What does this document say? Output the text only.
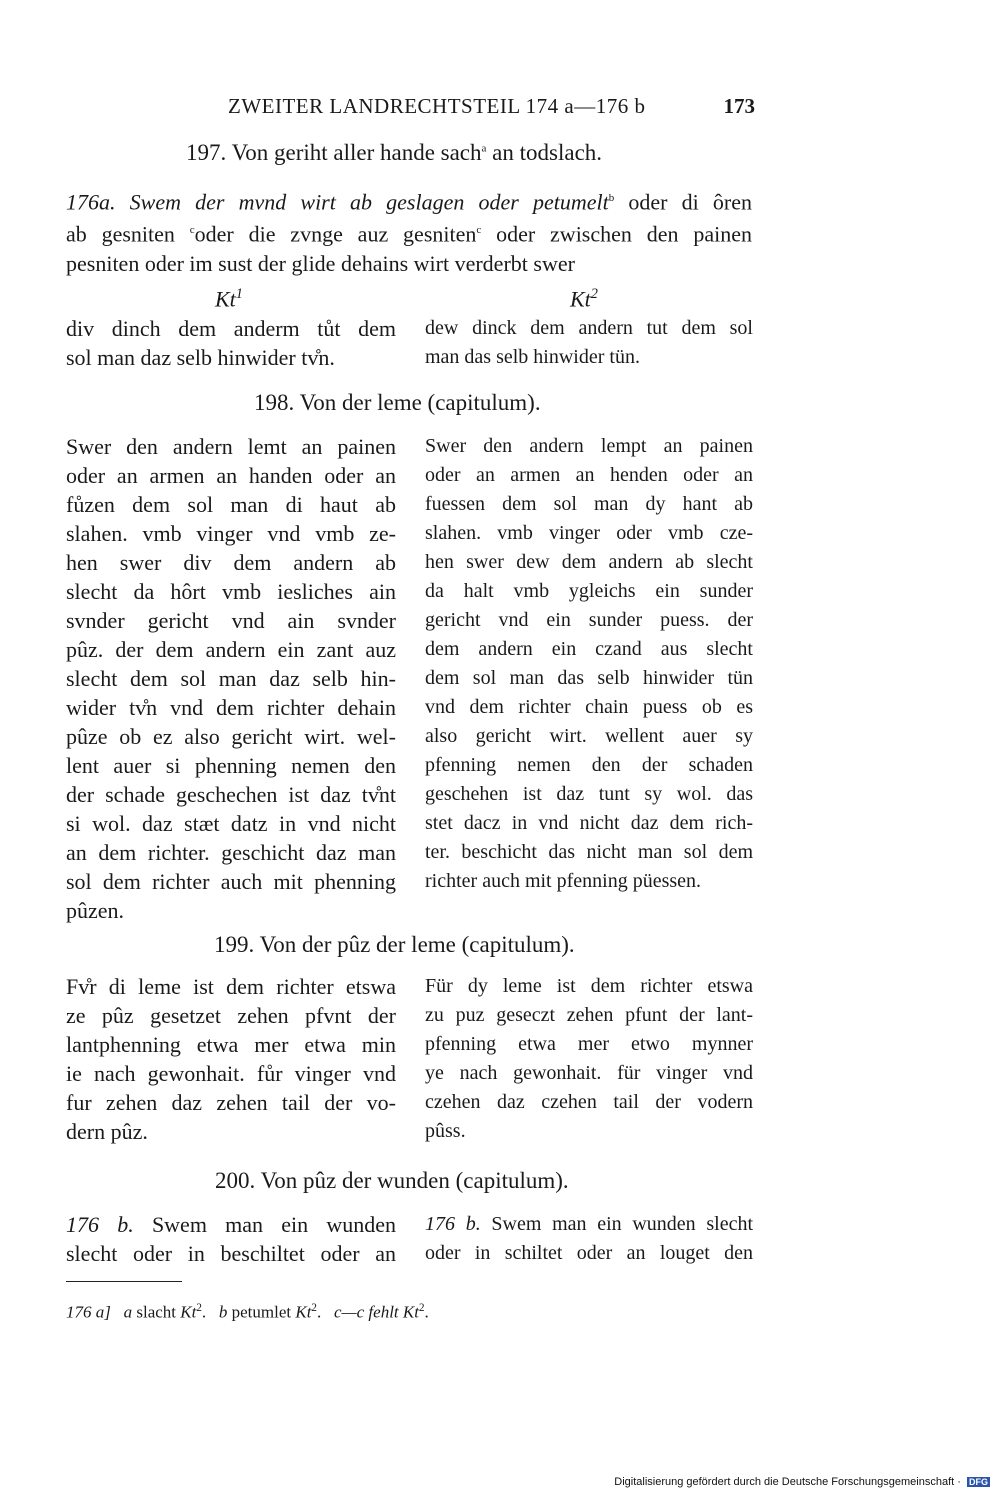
ZWEITER LANDRECHTSTEIL 174 a—176 b	173
197. Von geriht aller hande sach$^a$ an todslach.
176a. Swem der mvnd wirt ab geslagen oder petumelt$^b$ oder di ôren
ab gesniten $^c$oder die zvnge auz gesniten$^c$ oder zwischen den painen
pesniten oder im sust der glide dehains wirt verderbt swer
Kt$^1$	Kt$^2$
div dinch dem anderm tůt dem
sol man daz selb hinwider tv̊n.
dew dinck dem andern tut dem sol
man das selb hinwider tün.
198. Von der leme (capitulum).
Swer den andern lemt an painen
oder an armen an handen oder an
fůzen dem sol man di haut ab
slahen. vmb vinger vnd vmb ze-
hen swer div dem andern ab
slecht da hôrt vmb iesliches ain
svnder gericht vnd ain svnder
pûz. der dem andern ein zant auz
slecht dem sol man daz selb hin-
wider tv̊n vnd dem richter dehain
pûze ob ez also gericht wirt. wel-
lent auer si phenning nemen den
der schade geschechen ist daz tv̊nt
si wol. daz stæt datz in vnd nicht
an dem richter. geschicht daz man
sol dem richter auch mit phenning
pûzen.
Swer den andern lempt an painen
oder an armen an henden oder an
fuessen dem sol man dy hant ab
slahen. vmb vinger oder vmb cze-
hen swer dew dem andern ab slecht
da halt vmb ygleichs ein sunder
gericht vnd ein sunder puess. der
dem andern ein czand aus slecht
dem sol man das selb hinwider tün
vnd dem richter chain puess ob es
also gericht wirt. wellent auer sy
pfenning nemen den der schaden
geschehen ist daz tunt sy wol. das
stet dacz in vnd nicht daz dem rich-
ter. beschicht das nicht man sol dem
richter auch mit pfenning püessen.
199. Von der pûz der leme (capitulum).
Fv̊r di leme ist dem richter etswa
ze pûz gesetzet zehen pfvnt der
lantphenning etwa mer etwa min
ie nach gewonhait. fůr vinger vnd
fur zehen daz zehen tail der vo-
dern pûz.
Für dy leme ist dem richter etswa
zu puz geseczt zehen pfunt der lant-
pfenning etwa mer etwo mynner
ye nach gewonhait. für vinger vnd
czehen daz czehen tail der vodern
pûss.
200. Von pûz der wunden (capitulum).
176 b. Swem man ein wunden
slecht oder in beschiltet oder an
176 b. Swem man ein wunden slecht
oder in schiltet oder an louget den
176 a] a slacht Kt$^2$. b petumlet Kt$^2$. c—c fehlt Kt$^2$.
Digitalisierung gefördert durch die Deutsche Forschungsgemeinschaft · DFG
